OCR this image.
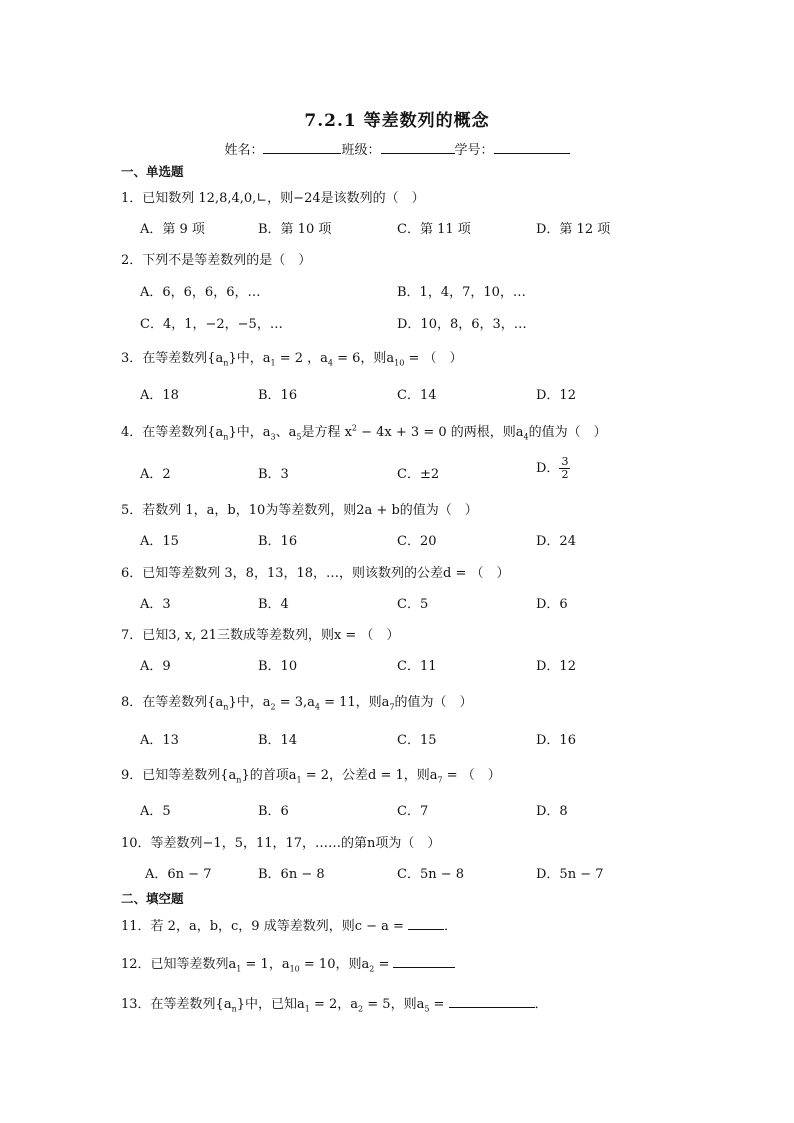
7.2.1 等差数列的概念
姓名：	班级：	学号：
一、单选题
1．已知数列 12,8,4,0,∟，则−24是该数列的（　）
A．第 9 项	B．第 10 项	C．第 11 项	D．第 12 项
2．下列不是等差数列的是（　）
A．6，6，6，6，…	B．1，4，7，10，…
C．4，1，−2，−5，…	D．10，8，6，3，…
3．在等差数列$\{a_n\}$中，$a_1 = 2$ ，$a_4 = 6$，则$a_{10}$ = （　）
A．18	B．16	C．14	D．12
4．在等差数列$\{a_n\}$中，$a_3$、$a_5$是方程 $x^2 - 4x + 3 = 0$ 的两根，则$a_4$的值为（　）
A．2	B．3	C．±2	D． $\frac{3}{2}$
5．若数列 1，a，b，10为等差数列，则2a + b的值为（　）
A．15	B．16	C．20	D．24
6．已知等差数列 3，8，13，18，…，则该数列的公差d = （　）
A．3	B．4	C．5	D．6
7．已知3, x, 21三数成等差数列，则x = （　）
A．9	B．10	C．11	D．12
8．在等差数列$\{a_n\}$中，$a_2 = 3,a_4 = 11$，则$a_7$的值为（　）
A．13	B．14	C．15	D．16
9．已知等差数列$\{a_n\}$的首项$a_1 = 2$，公差d = 1，则$a_7$ = （　）
A．5	B．6	C．7	D．8
10．等差数列−1，5，11，17，……的第n项为（　）
A．6n − 7	B．6n − 8	C．5n − 8	D．5n − 7
二、填空题
11．若 2，a，b，c，9 成等差数列，则c − a =	．
12．已知等差数列$a_1 = 1$，$a_{10} = 10$，则$a_2$ =
13．在等差数列$\{a_n\}$中，已知$a_1 = 2$，$a_2 = 5$，则$a_5$ =	．
